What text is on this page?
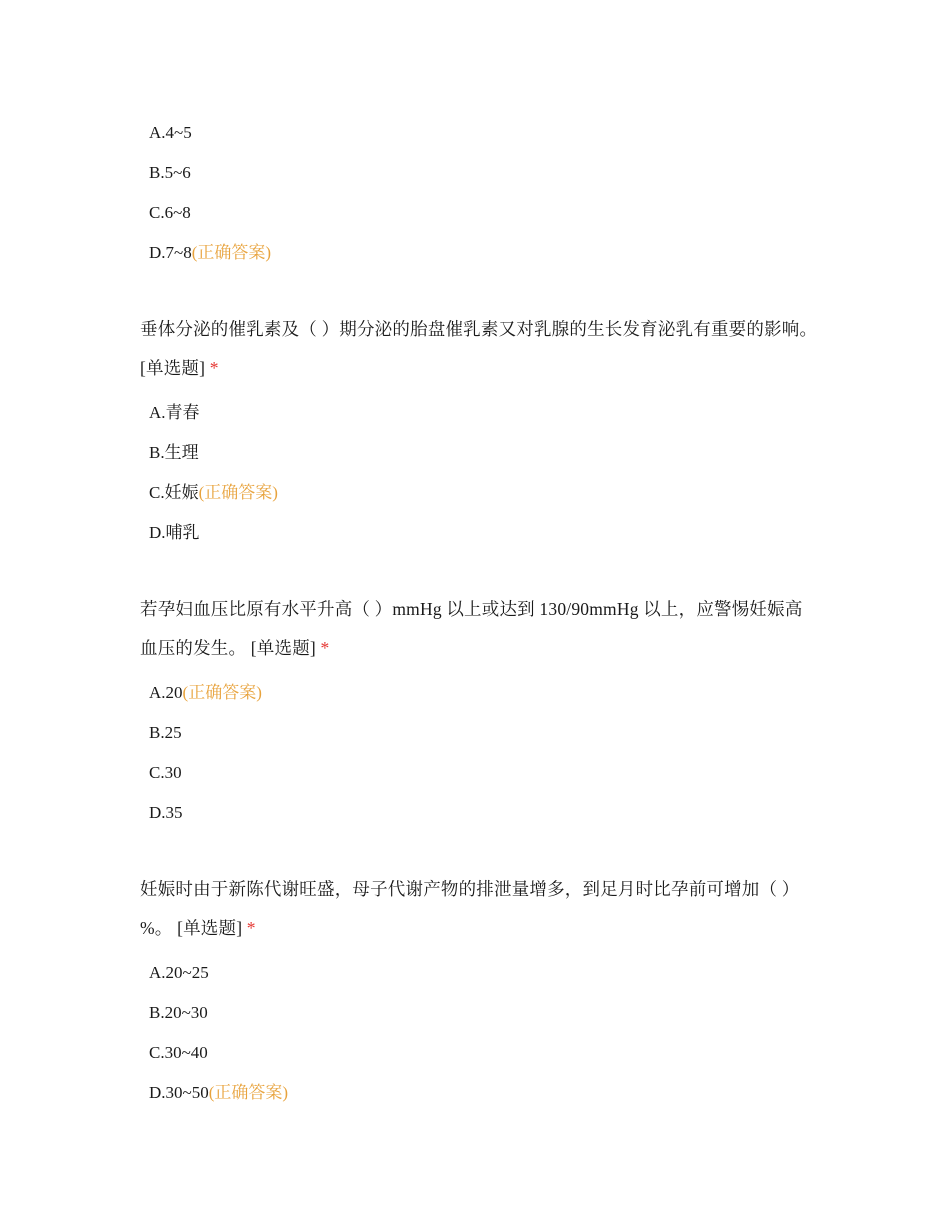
A.4~5
B.5~6
C.6~8
D.7~8(正确答案)
垂体分泌的催乳素及（ ）期分泌的胎盘催乳素又对乳腺的生长发育泌乳有重要的影响。 [单选题] *
A.青春
B.生理
C.妊娠(正确答案)
D.哺乳
若孕妇血压比原有水平升高（ ）mmHg 以上或达到 130/90mmHg 以上，应警惕妊娠高血压的发生。 [单选题] *
A.20(正确答案)
B.25
C.30
D.35
妊娠时由于新陈代谢旺盛，母子代谢产物的排泄量增多，到足月时比孕前可增加（ ）%。 [单选题] *
A.20~25
B.20~30
C.30~40
D.30~50(正确答案)
